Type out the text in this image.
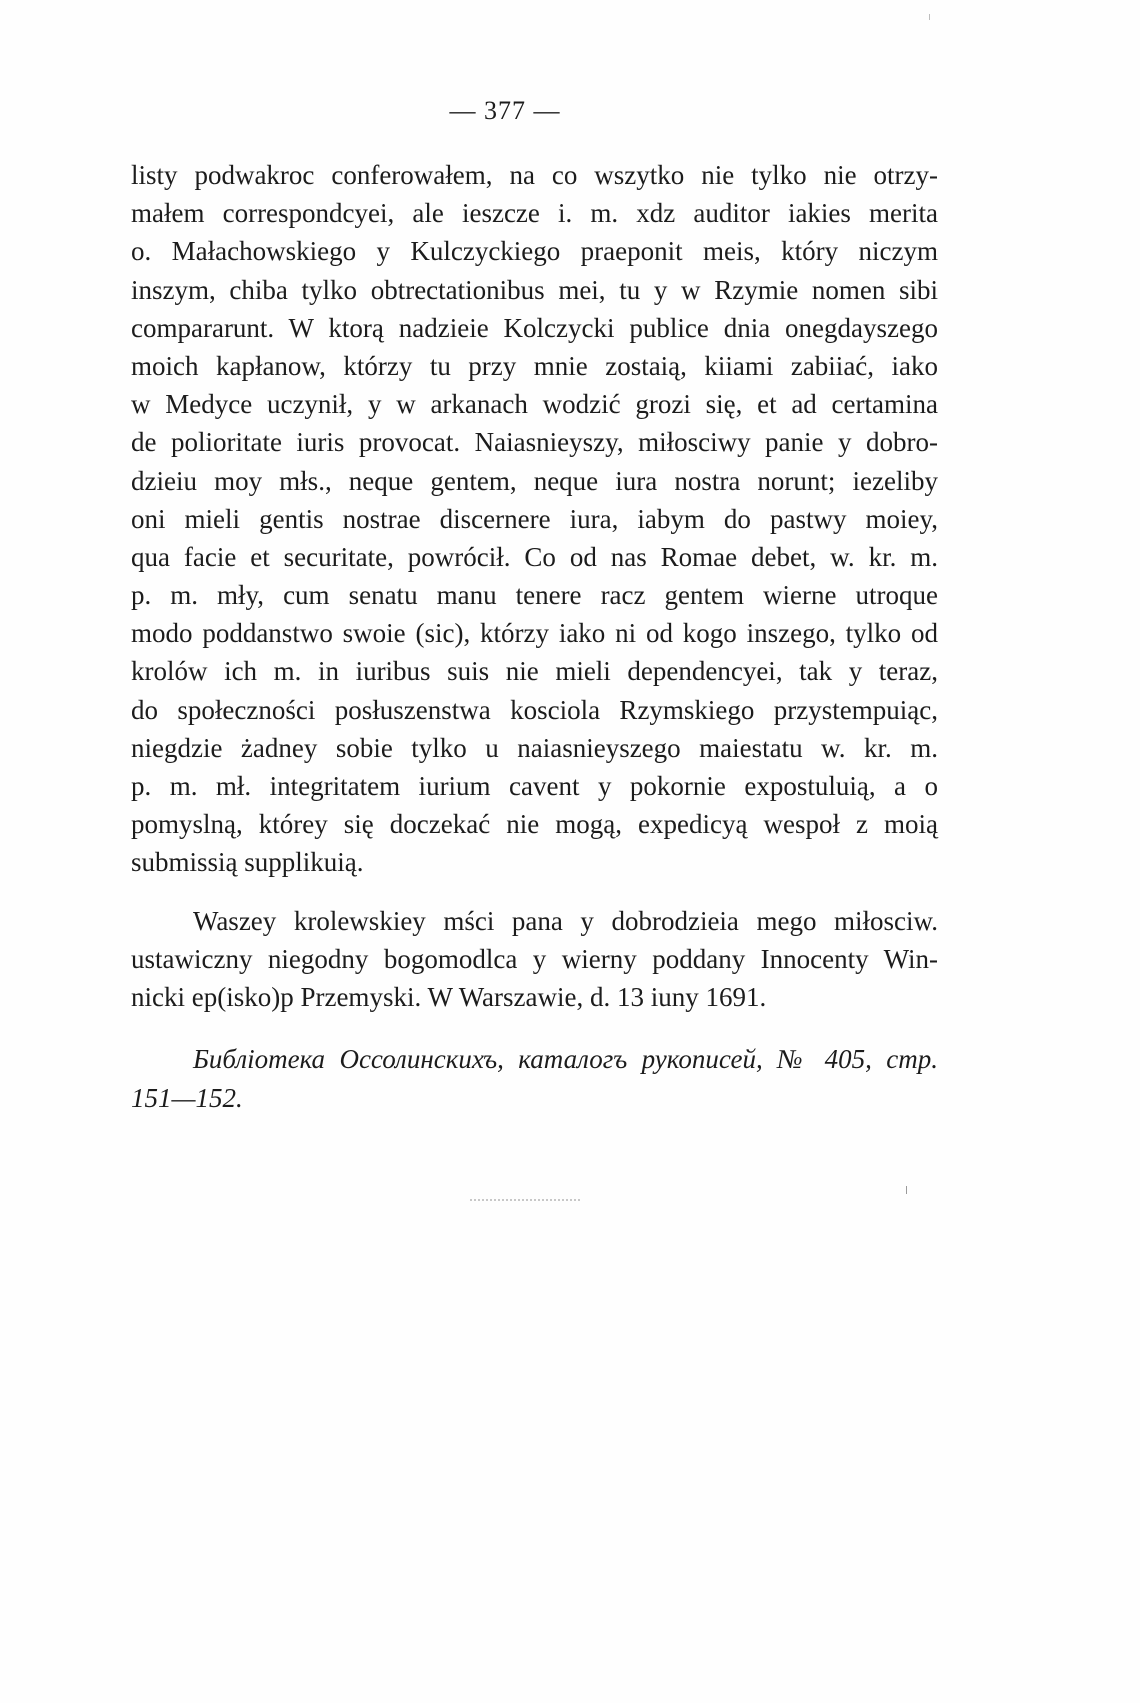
— 377 —
listy podwakroc conferowałem, na co wszytko nie tylko nie otrzy-
małem correspondcyei, ale ieszcze i. m. xdz auditor iakies merita
o. Małachowskiego y Kulczyckiego praeponit meis, który niczym
inszym, chiba tylko obtrectationibus mei, tu y w Rzymie nomen sibi
compararunt. W ktorą nadzieie Kolczycki publice dnia onegdayszego
moich kapłanow, którzy tu przy mnie zostaią, kiiami zabiiać, iako
w Medyce uczynił, y w arkanach wodzić grozi się, et ad certamina
de polioritate iuris provocat. Naiasnieyszy, miłosciwy panie y dobro-
dzieiu moy młs., neque gentem, neque iura nostra norunt; iezeliby
oni mieli gentis nostrae discernere iura, iabym do pastwy moiey,
qua facie et securitate, powrócił. Co od nas Romae debet, w. kr. m.
p. m. mły, cum senatu manu tenere racz gentem wierne utroque
modo poddanstwo swoie (sic), którzy iako ni od kogo inszego, tylko od
krolów ich m. in iuribus suis nie mieli dependencyei, tak y teraz,
do społeczności posłuszenstwa kosciola Rzymskiego przystempuiąc,
niegdzie żadney sobie tylko u naiasnieyszego maiestatu w. kr. m.
p. m. mł. integritatem iurium cavent y pokornie expostuluią, a o
pomyslną, którey się doczekać nie mogą, expedicyą wespoł z moią
submissią supplikuią.
Waszey krolewskiey mści pana y dobrodzieia mego miłosciw.
ustawiczny niegodny bogomodlca y wierny poddany Innocenty Win-
nicki ep(isko)p Przemyski. W Warszawie, d. 13 iuny 1691.
Библіотека Оссолинскихъ, каталогъ рукописей, № 405, стр.
151—152.
